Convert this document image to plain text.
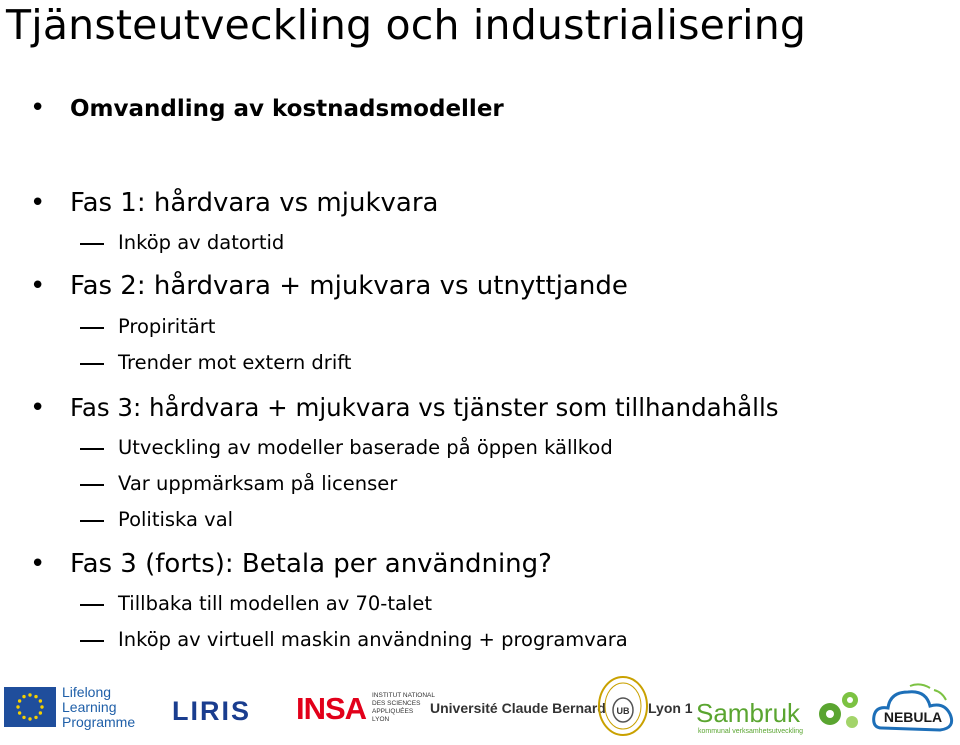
Tjänsteutveckling och industrialisering
• Omvandling av kostnadsmodeller
• Fas 1: hårdvara vs mjukvara
Inköp av datortid
• Fas 2: hårdvara + mjukvara vs utnyttjande
Propiritärt
Trender mot extern drift
• Fas 3: hårdvara + mjukvara vs tjänster som tillhandahålls
Utveckling av modeller baserade på öppen källkod
Var uppmärksam på licenser
Politiska val
• Fas 3 (forts): Betala per användning?
Tillbaka till modellen av 70-talet
Inköp av virtuell maskin användning + programvara
Lifelong
Learning
Programme LIRIS INSA INSTITUT NATIONAL
DES SCIENCES
APPLIQUÉES
LYON
Université Claude Bernard UB Lyon 1 Sambruk
kommunal verksamhetsutveckling
NEBULA
